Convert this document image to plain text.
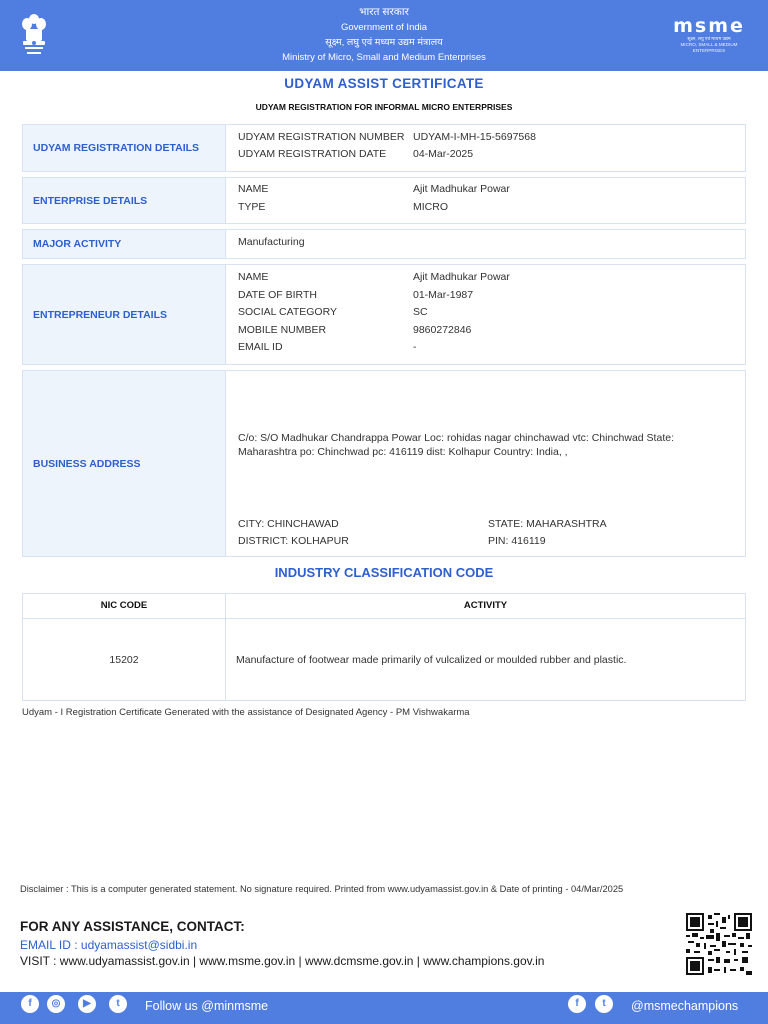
भारत सरकार
Government of India
सूक्ष्म, लघु एवं मध्यम उद्यम मंत्रालय
Ministry of Micro, Small and Medium Enterprises
msme
सूक्ष्म, लघु एवं मध्यम उद्यम
MICRO, SMALL & MEDIUM ENTERPRISES
UDYAM ASSIST CERTIFICATE
UDYAM REGISTRATION FOR INFORMAL MICRO ENTERPRISES
UDYAM REGISTRATION DETAILS
UDYAM REGISTRATION NUMBER UDYAM-I-MH-15-5697568
UDYAM REGISTRATION DATE	04-Mar-2025
ENTERPRISE DETAILS
NAME	Ajit Madhukar Powar
TYPE	MICRO
MAJOR ACTIVITY	Manufacturing
ENTREPRENEUR DETAILS
NAME	Ajit Madhukar Powar
DATE OF BIRTH	01-Mar-1987
SOCIAL CATEGORY	SC
MOBILE NUMBER	9860272846
EMAIL ID	-
BUSINESS ADDRESS
C/o: S/O Madhukar Chandrappa Powar Loc: rohidas nagar chinchawad vtc: Chinchwad State: Maharashtra po: Chinchwad pc: 416119 dist: Kolhapur Country: India, ,
CITY: CHINCHAWAD	STATE: MAHARASHTRA
DISTRICT: KOLHAPUR	PIN: 416119
INDUSTRY CLASSIFICATION CODE
NIC CODE	ACTIVITY
15202	Manufacture of footwear made primarily of vulcalized or moulded rubber and plastic.
Udyam - I Registration Certificate Generated with the assistance of Designated Agency - PM Vishwakarma
Disclaimer : This is a computer generated statement. No signature required. Printed from www.udyamassist.gov.in & Date of printing - 04/Mar/2025
FOR ANY ASSISTANCE, CONTACT:
EMAIL ID : udyamassist@sidbi.in
VISIT : www.udyamassist.gov.in | www.msme.gov.in | www.dcmsme.gov.in | www.champions.gov.in
f	◎	▶	t	Follow us @minmsme	f	t	@msmechampions
